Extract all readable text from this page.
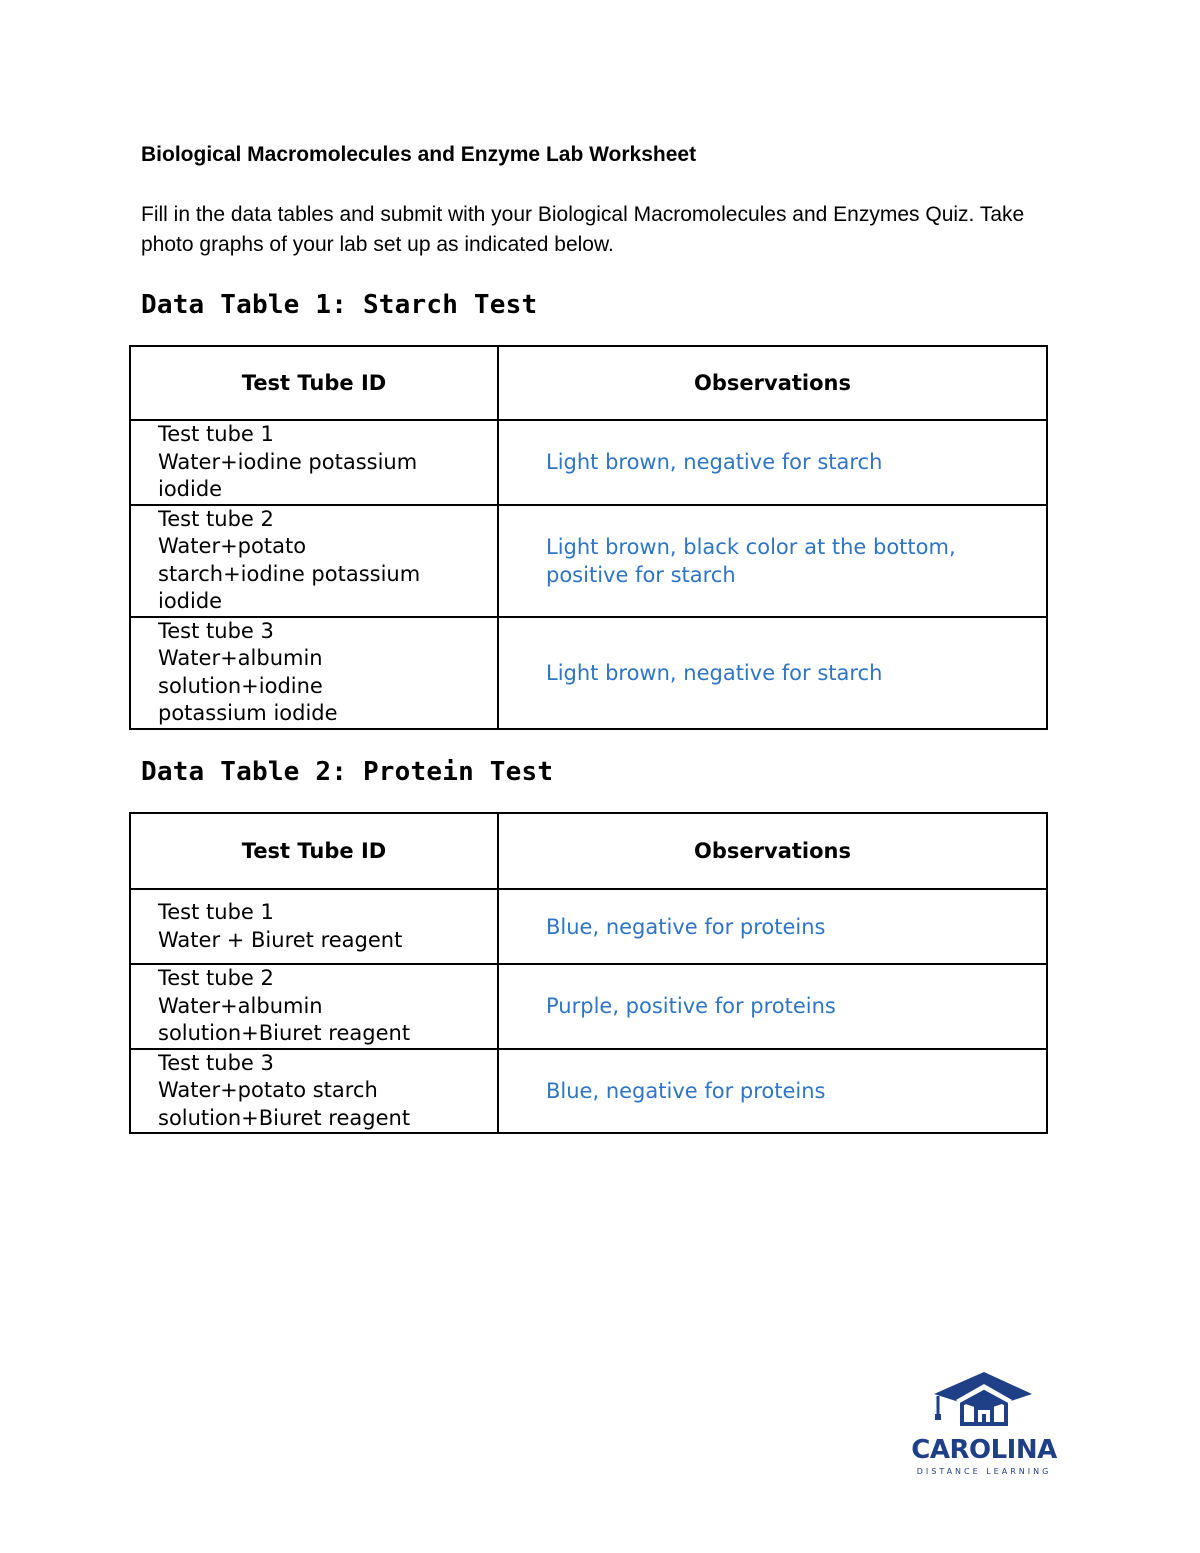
Biological Macromolecules and Enzyme Lab Worksheet
Fill in the data tables and submit with your Biological Macromolecules and Enzymes Quiz. Take photo graphs of your lab set up as indicated below.
Data Table 1: Starch Test
Test Tube ID	Observations

Test tube 1
Water+iodine potassium
iodide	Light brown, negative for starch

Test tube 2
Water+potato
starch+iodine potassium
iodide	Light brown, black color at the bottom, positive for starch

Test tube 3
Water+albumin
solution+iodine
potassium iodide	Light brown, negative for starch
Data Table 2: Protein Test
Test Tube ID	Observations

Test tube 1
Water + Biuret reagent	Blue, negative for proteins

Test tube 2
Water+albumin
solution+Biuret reagent	Purple, positive for proteins

Test tube 3
Water+potato starch
solution+Biuret reagent	Blue, negative for proteins
CAROLINA
DISTANCE LEARNING
